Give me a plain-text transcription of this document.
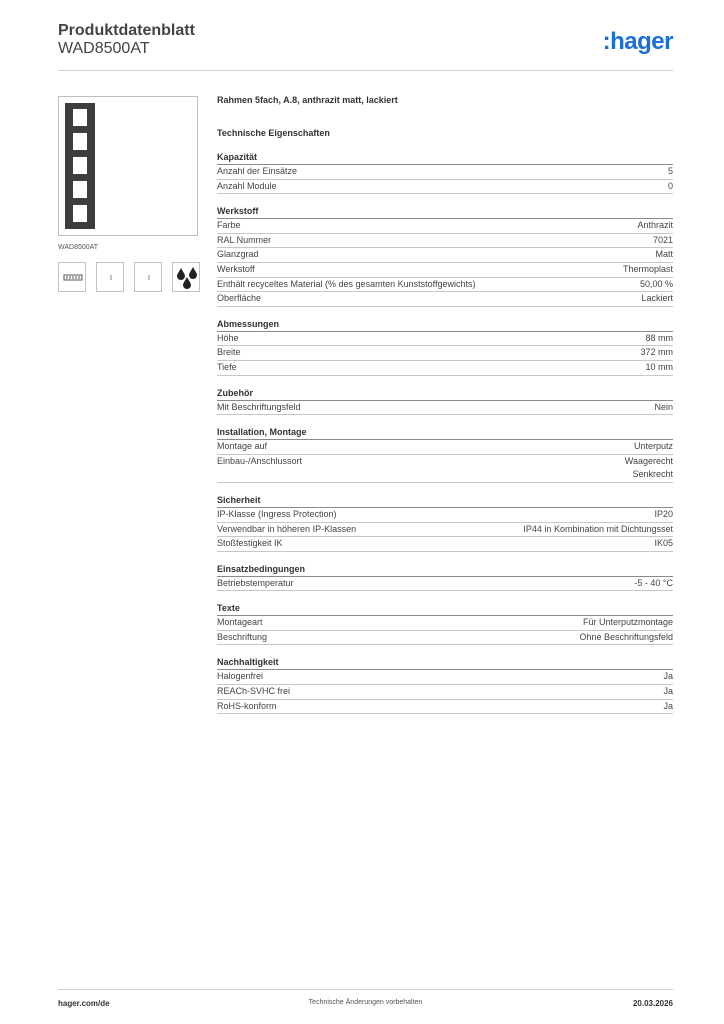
Produktdatenblatt
WAD8500AT	:hager
WAD8500AT
Rahmen 5fach, A.8, anthrazit matt, lackiert
Technische Eigenschaften
Kapazität
Anzahl der Einsätze	5
Anzahl Module	0
Werkstoff
Farbe	Anthrazit
RAL Nummer	7021
Glanzgrad	Matt
Werkstoff	Thermoplast
Enthält recyceltes Material (% des gesamten Kunststoffgewichts)	50,00 %
Oberfläche	Lackiert
Abmessungen
Höhe	88 mm
Breite	372 mm
Tiefe	10 mm
Zubehör
Mit Beschriftungsfeld	Nein
Installation, Montage
Montage auf	Unterputz
Einbau-/Anschlussort	Waagerecht
Senkrecht
Sicherheit
IP-Klasse (Ingress Protection)	IP20
Verwendbar in höheren IP-Klassen	IP44 in Kombination mit Dichtungsset
Stoßfestigkeit IK	IK05
Einsatzbedingungen
Betriebstemperatur	-5 - 40 °C
Texte
Montageart	Für Unterputzmontage
Beschriftung	Ohne Beschriftungsfeld
Nachhaltigkeit
Halogenfrei	Ja
REACh-SVHC frei	Ja
RoHS-konform	Ja
hager.com/de	Technische Änderungen vorbehalten	20.03.2026
